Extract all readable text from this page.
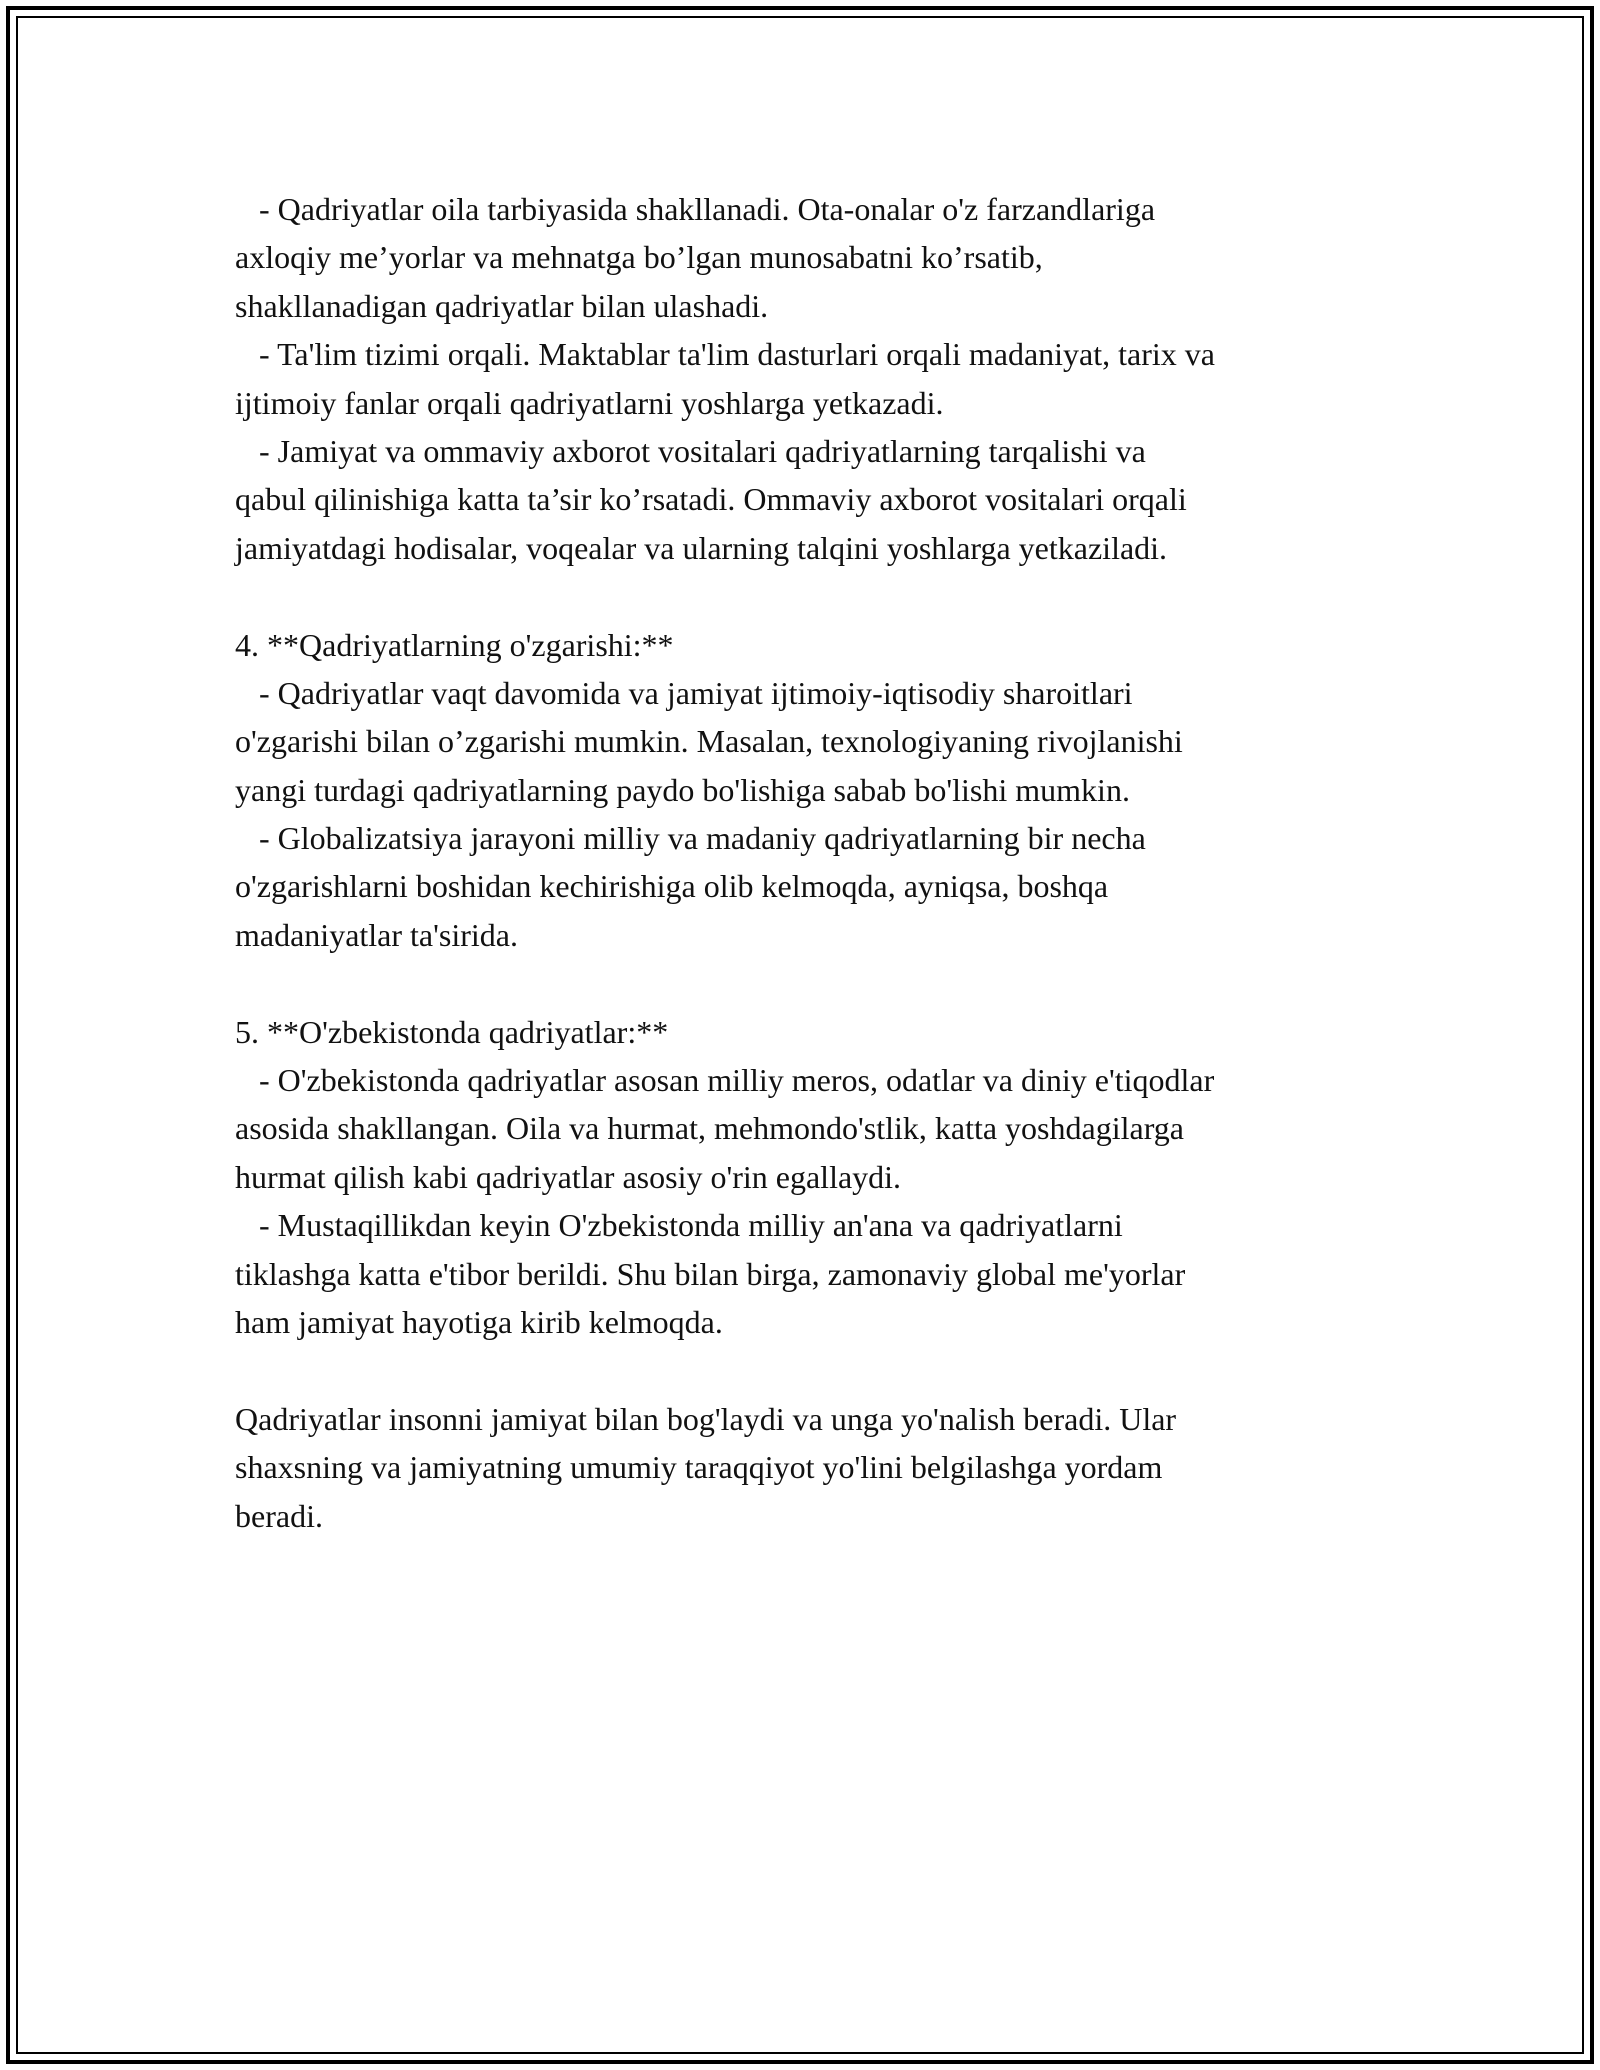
- Qadriyatlar oila tarbiyasida shakllanadi. Ota-onalar o'z farzandlariga
axloqiy me’yorlar va mehnatga bo’lgan munosabatni ko’rsatib,
shakllanadigan qadriyatlar bilan ulashadi.
- Ta'lim tizimi orqali. Maktablar ta'lim dasturlari orqali madaniyat, tarix va
ijtimoiy fanlar orqali qadriyatlarni yoshlarga yetkazadi.
- Jamiyat va ommaviy axborot vositalari qadriyatlarning tarqalishi va
qabul qilinishiga katta ta’sir ko’rsatadi. Ommaviy axborot vositalari orqali
jamiyatdagi hodisalar, voqealar va ularning talqini yoshlarga yetkaziladi.
4. **Qadriyatlarning o'zgarishi:**
- Qadriyatlar vaqt davomida va jamiyat ijtimoiy-iqtisodiy sharoitlari
o'zgarishi bilan o’zgarishi mumkin. Masalan, texnologiyaning rivojlanishi
yangi turdagi qadriyatlarning paydo bo'lishiga sabab bo'lishi mumkin.
- Globalizatsiya jarayoni milliy va madaniy qadriyatlarning bir necha
o'zgarishlarni boshidan kechirishiga olib kelmoqda, ayniqsa, boshqa
madaniyatlar ta'sirida.
5. **O'zbekistonda qadriyatlar:**
- O'zbekistonda qadriyatlar asosan milliy meros, odatlar va diniy e'tiqodlar
asosida shakllangan. Oila va hurmat, mehmondo'stlik, katta yoshdagilarga
hurmat qilish kabi qadriyatlar asosiy o'rin egallaydi.
- Mustaqillikdan keyin O'zbekistonda milliy an'ana va qadriyatlarni
tiklashga katta e'tibor berildi. Shu bilan birga, zamonaviy global me'yorlar
ham jamiyat hayotiga kirib kelmoqda.
Qadriyatlar insonni jamiyat bilan bog'laydi va unga yo'nalish beradi. Ular
shaxsning va jamiyatning umumiy taraqqiyot yo'lini belgilashga yordam
beradi.
